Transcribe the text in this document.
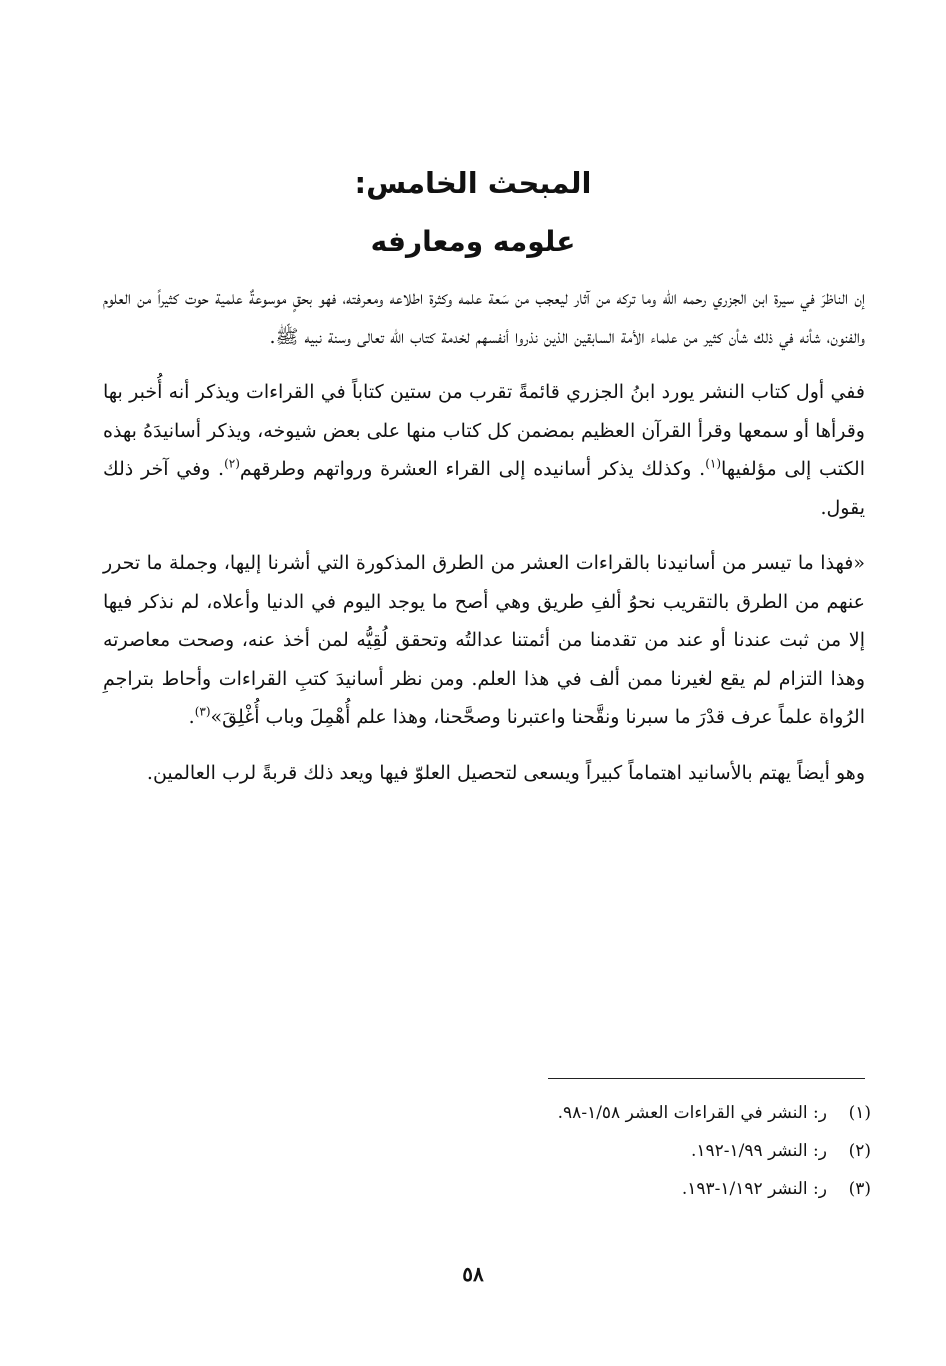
المبحث الخامس:
علومه ومعارفه

إن الناظرَ في سيرة ابن الجزري رحمه الله وما تركه من آثار ليعجب من سَعة علمه وكثرة اطلاعه ومعرفته، فهو بحقٍ موسوعةٌ علمية حوت كثيراً من العلوم والفنون، شأنه في ذلك شأن كثير من علماء الأمة السابقين الذين نذروا أنفسهم لخدمة كتاب الله تعالى وسنة نبيه ﷺ.

ففي أول كتاب النشر يورد ابنُ الجزري قائمةً تقرب من ستين كتاباً في القراءات ويذكر أنه أُخبر بها وقرأها أو سمعها وقرأ القرآن العظيم بمضمن كل كتاب منها على بعض شيوخه، ويذكر أسانيدَهُ بهذه الكتب إلى مؤلفيها$^{(١)}$. وكذلك يذكر أسانيده إلى القراء العشرة ورواتهم وطرقهم$^{(٢)}$. وفي آخر ذلك يقول.

«فهذا ما تيسر من أسانيدنا بالقراءات العشر من الطرق المذكورة التي أشرنا إليها، وجملة ما تحرر عنهم من الطرق بالتقريب نحوُ ألفِ طريق وهي أصح ما يوجد اليوم في الدنيا وأعلاه، لم نذكر فيها إلا من ثبت عندنا أو عند من تقدمنا من أئمتنا عدالتُه وتحقق لُقِيُّه لمن أخذ عنه، وصحت معاصرته وهذا التزام لم يقع لغيرنا ممن ألف في هذا العلم. ومن نظر أسانيدَ كتبِ القراءات وأحاط بتراجمِ الرُواة علماً عرف قدْرَ ما سبرنا ونقَّحنا واعتبرنا وصحَّحنا، وهذا علم أُهْمِلَ وباب أُغْلِقَ»$^{(٣)}$.

وهو أيضاً يهتم بالأسانيد اهتماماً كبيراً ويسعى لتحصيل العلوّ فيها ويعد ذلك قربةً لرب العالمين.

(١)
ر: النشر في القراءات العشر ١/٥٨-٩٨.
(٢)
ر: النشر ١/٩٩-١٩٢.
(٣)
ر: النشر ١/١٩٢-١٩٣.
٥٨
